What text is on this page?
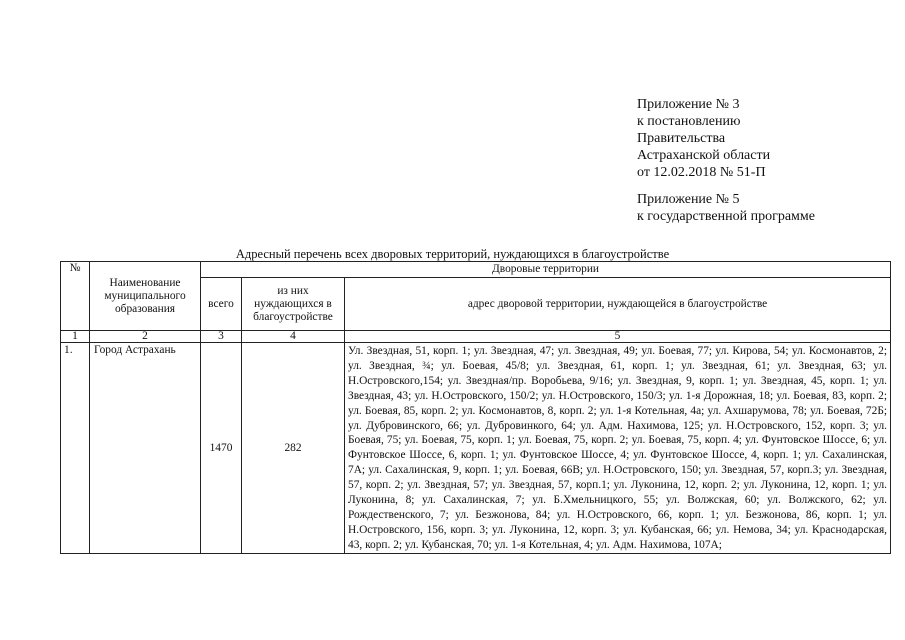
Приложение № 3
к постановлению
Правительства
Астраханской области
от 12.02.2018 № 51-П
Приложение № 5
к государственной программе
Адресный перечень всех дворовых территорий, нуждающихся в благоустройстве
№	Наименование муниципального образования	Дворовые территории		
		всего	из них нуждающихся в благоустройстве	адрес дворовой территории, нуждающейся в благоустройстве
1	2	3	4	5
1.	Город Астрахань	1470	282	Ул. Звездная, 51, корп. 1; ул. Звездная, 47; ул. Звездная, 49; ул. Боевая, 77; ул. Кирова, 54; ул. Космонавтов, 2; ул. Звездная, ¾; ул. Боевая, 45/8; ул. Звездная, 61, корп. 1; ул. Звездная, 61; ул. Звездная, 63; ул. Н.Островского,154; ул. Звездная/пр. Воробьева, 9/16; ул. Звездная, 9, корп. 1; ул. Звездная, 45, корп. 1; ул. Звездная, 43; ул. Н.Островского, 150/2; ул. Н.Островского, 150/3; ул. 1-я Дорожная, 18; ул. Боевая, 83, корп. 2; ул. Боевая, 85, корп. 2; ул. Космонавтов, 8, корп. 2; ул. 1-я Котельная, 4а; ул. Ахшарумова, 78; ул. Боевая, 72Б; ул. Дубровинского, 66; ул. Дубровинкого, 64; ул. Адм. Нахимова, 125; ул. Н.Островского, 152, корп. 3; ул. Боевая, 75; ул. Боевая, 75, корп. 1; ул. Боевая, 75, корп. 2; ул. Боевая, 75, корп. 4; ул. Фунтовское Шоссе, 6; ул. Фунтовское Шоссе, 6, корп. 1; ул. Фунтовское Шоссе, 4; ул. Фунтовское Шоссе, 4, корп. 1; ул. Сахалинская, 7А; ул. Сахалинская, 9, корп. 1; ул. Боевая, 66В; ул. Н.Островского, 150; ул. Звездная, 57, корп.3; ул. Звездная, 57, корп. 2; ул. Звездная, 57; ул. Звездная, 57, корп.1; ул. Луконина, 12, корп. 2; ул. Луконина, 12, корп. 1; ул. Луконина, 8; ул. Сахалинская, 7; ул. Б.Хмельницкого, 55; ул. Волжская, 60; ул. Волжского, 62; ул. Рождественского, 7; ул. Безжонова, 84; ул. Н.Островского, 66, корп. 1; ул. Безжонова, 86, корп. 1; ул. Н.Островского, 156, корп. 3; ул. Луконина, 12, корп. 3; ул. Кубанская, 66; ул. Немова, 34; ул. Краснодарская, 43, корп. 2; ул. Кубанская, 70; ул. 1-я Котельная, 4; ул. Адм. Нахимова, 107А;
